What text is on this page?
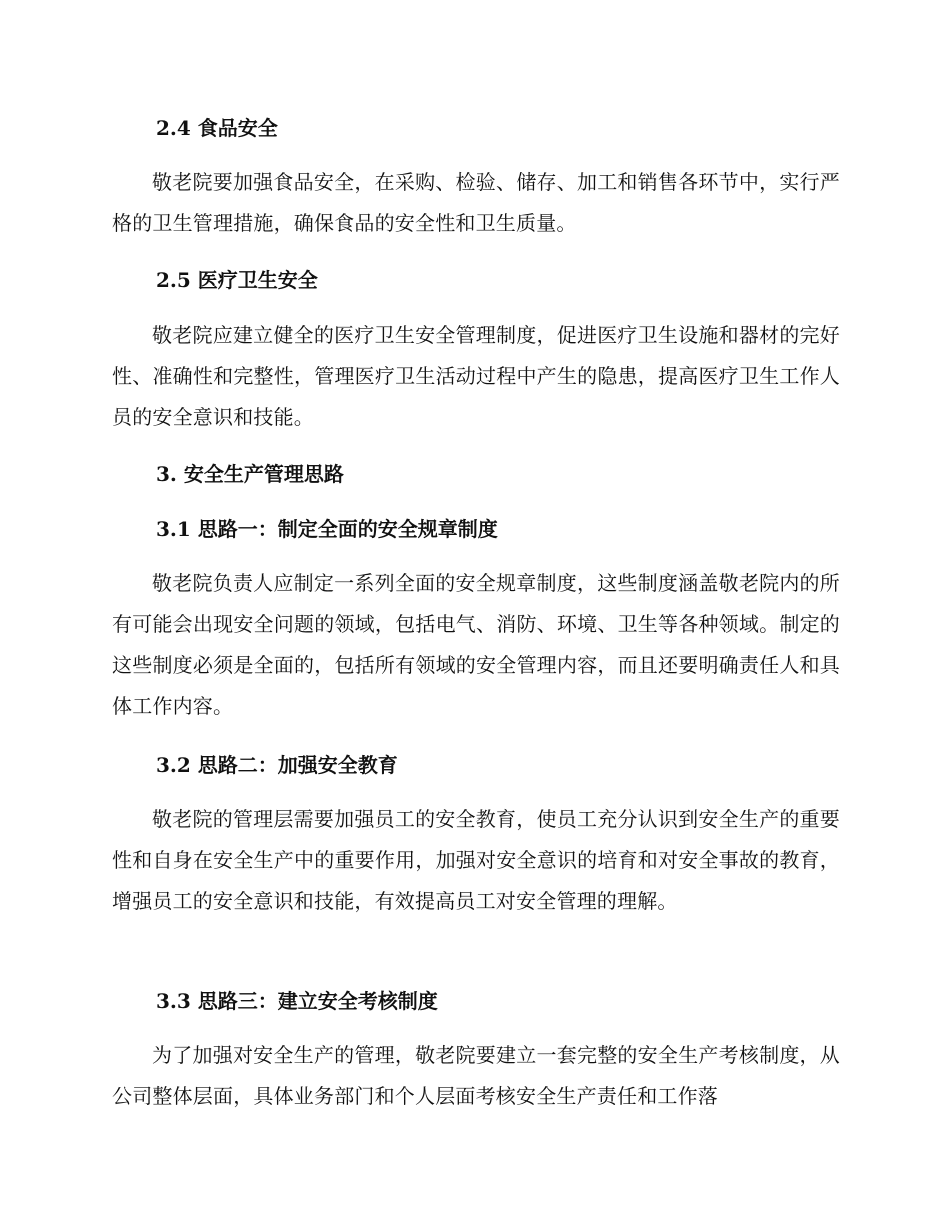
2.4 食品安全

敬老院要加强食品安全，在采购、检验、储存、加工和销售各环节中，实行严格的卫生管理措施，确保食品的安全性和卫生质量。

2.5 医疗卫生安全

敬老院应建立健全的医疗卫生安全管理制度，促进医疗卫生设施和器材的完好性、准确性和完整性，管理医疗卫生活动过程中产生的隐患，提高医疗卫生工作人员的安全意识和技能。

3. 安全生产管理思路
3.1 思路一：制定全面的安全规章制度

敬老院负责人应制定一系列全面的安全规章制度，这些制度涵盖敬老院内的所有可能会出现安全问题的领域，包括电气、消防、环境、卫生等各种领域。制定的这些制度必须是全面的，包括所有领域的安全管理内容，而且还要明确责任人和具体工作内容。

3.2 思路二：加强安全教育

敬老院的管理层需要加强员工的安全教育，使员工充分认识到安全生产的重要性和自身在安全生产中的重要作用，加强对安全意识的培育和对安全事故的教育，增强员工的安全意识和技能，有效提高员工对安全管理的理解。

3.3 思路三：建立安全考核制度

为了加强对安全生产的管理，敬老院要建立一套完整的安全生产考核制度，从公司整体层面，具体业务部门和个人层面考核安全生产责任和工作落
